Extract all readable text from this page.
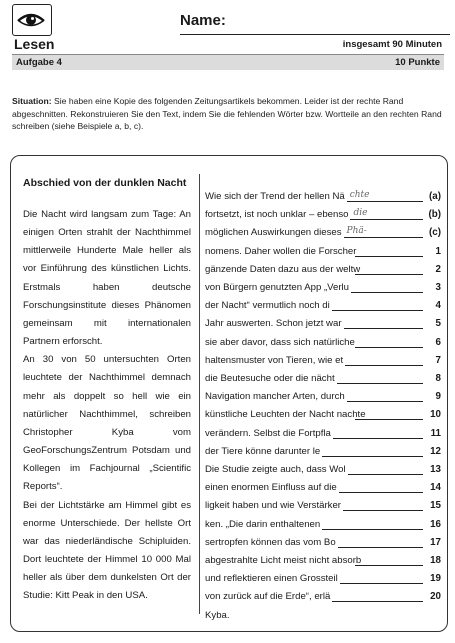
Name:
Lesen	insgesamt 90 Minuten
Aufgabe 4	10 Punkte
Situation: Sie haben eine Kopie des folgenden Zeitungsartikels bekommen. Leider ist der rechte Rand abgeschnitten. Rekonstruieren Sie den Text, indem Sie die fehlenden Wörter bzw. Wortteile an den rechten Rand schreiben (siehe Beispiele a, b, c).
Abschied von der dunklen Nacht

Die Nacht wird langsam zum Tage: An einigen Orten strahlt der Nachthimmel mittlerweile Hunderte Male heller als vor Einführung des künstlichen Lichts. Erstmals haben deutsche Forschungsinstitute dieses Phänomen gemeinsam mit internationalen Partnern erforscht.

An 30 von 50 untersuchten Orten leuchtete der Nachthimmel demnach mehr als doppelt so hell wie ein natürlicher Nachthimmel, schreiben Christopher Kyba vom GeoForschungsZentrum Potsdam und Kollegen im Fachjournal „Scientific Reports“.

Bei der Lichtstärke am Himmel gibt es enorme Unterschiede. Der hellste Ort war das niederländische Schipluiden. Dort leuchtete der Himmel 10 000 Mal heller als über dem dunkelsten Ort der Studie: Kitt Peak in den USA.

Wie sich der Trend der hellen Nä chte	(a)
fortsetzt, ist noch unklar – ebenso die	(b)
möglichen Auswirkungen dieses Phä-	(c)
nomens. Daher wollen die Forscher	1
gänzende Daten dazu aus der weltw	2
von Bürgern genutzten App „Verlu	3
der Nacht“ vermutlich noch di	4
Jahr auswerten. Schon jetzt war	5
sie aber davor, dass sich natürliche	6
haltensmuster von Tieren, wie et	7
die Beutesuche oder die nächt	8
Navigation mancher Arten, durch	9
künstliche Leuchten der Nacht nachte	10
verändern. Selbst die Fortpfla	11
der Tiere könne darunter le	12
Die Studie zeigte auch, dass Wol	13
einen enormen Einfluss auf die	14
ligkeit haben und wie Verstärker	15
ken. „Die darin enthaltenen	16
sertropfen können das vom Bo	17
abgestrahlte Licht meist nicht absorb	18
und reflektieren einen Grossteil	19
von zurück auf die Erde“, erlä	20
Kyba.
